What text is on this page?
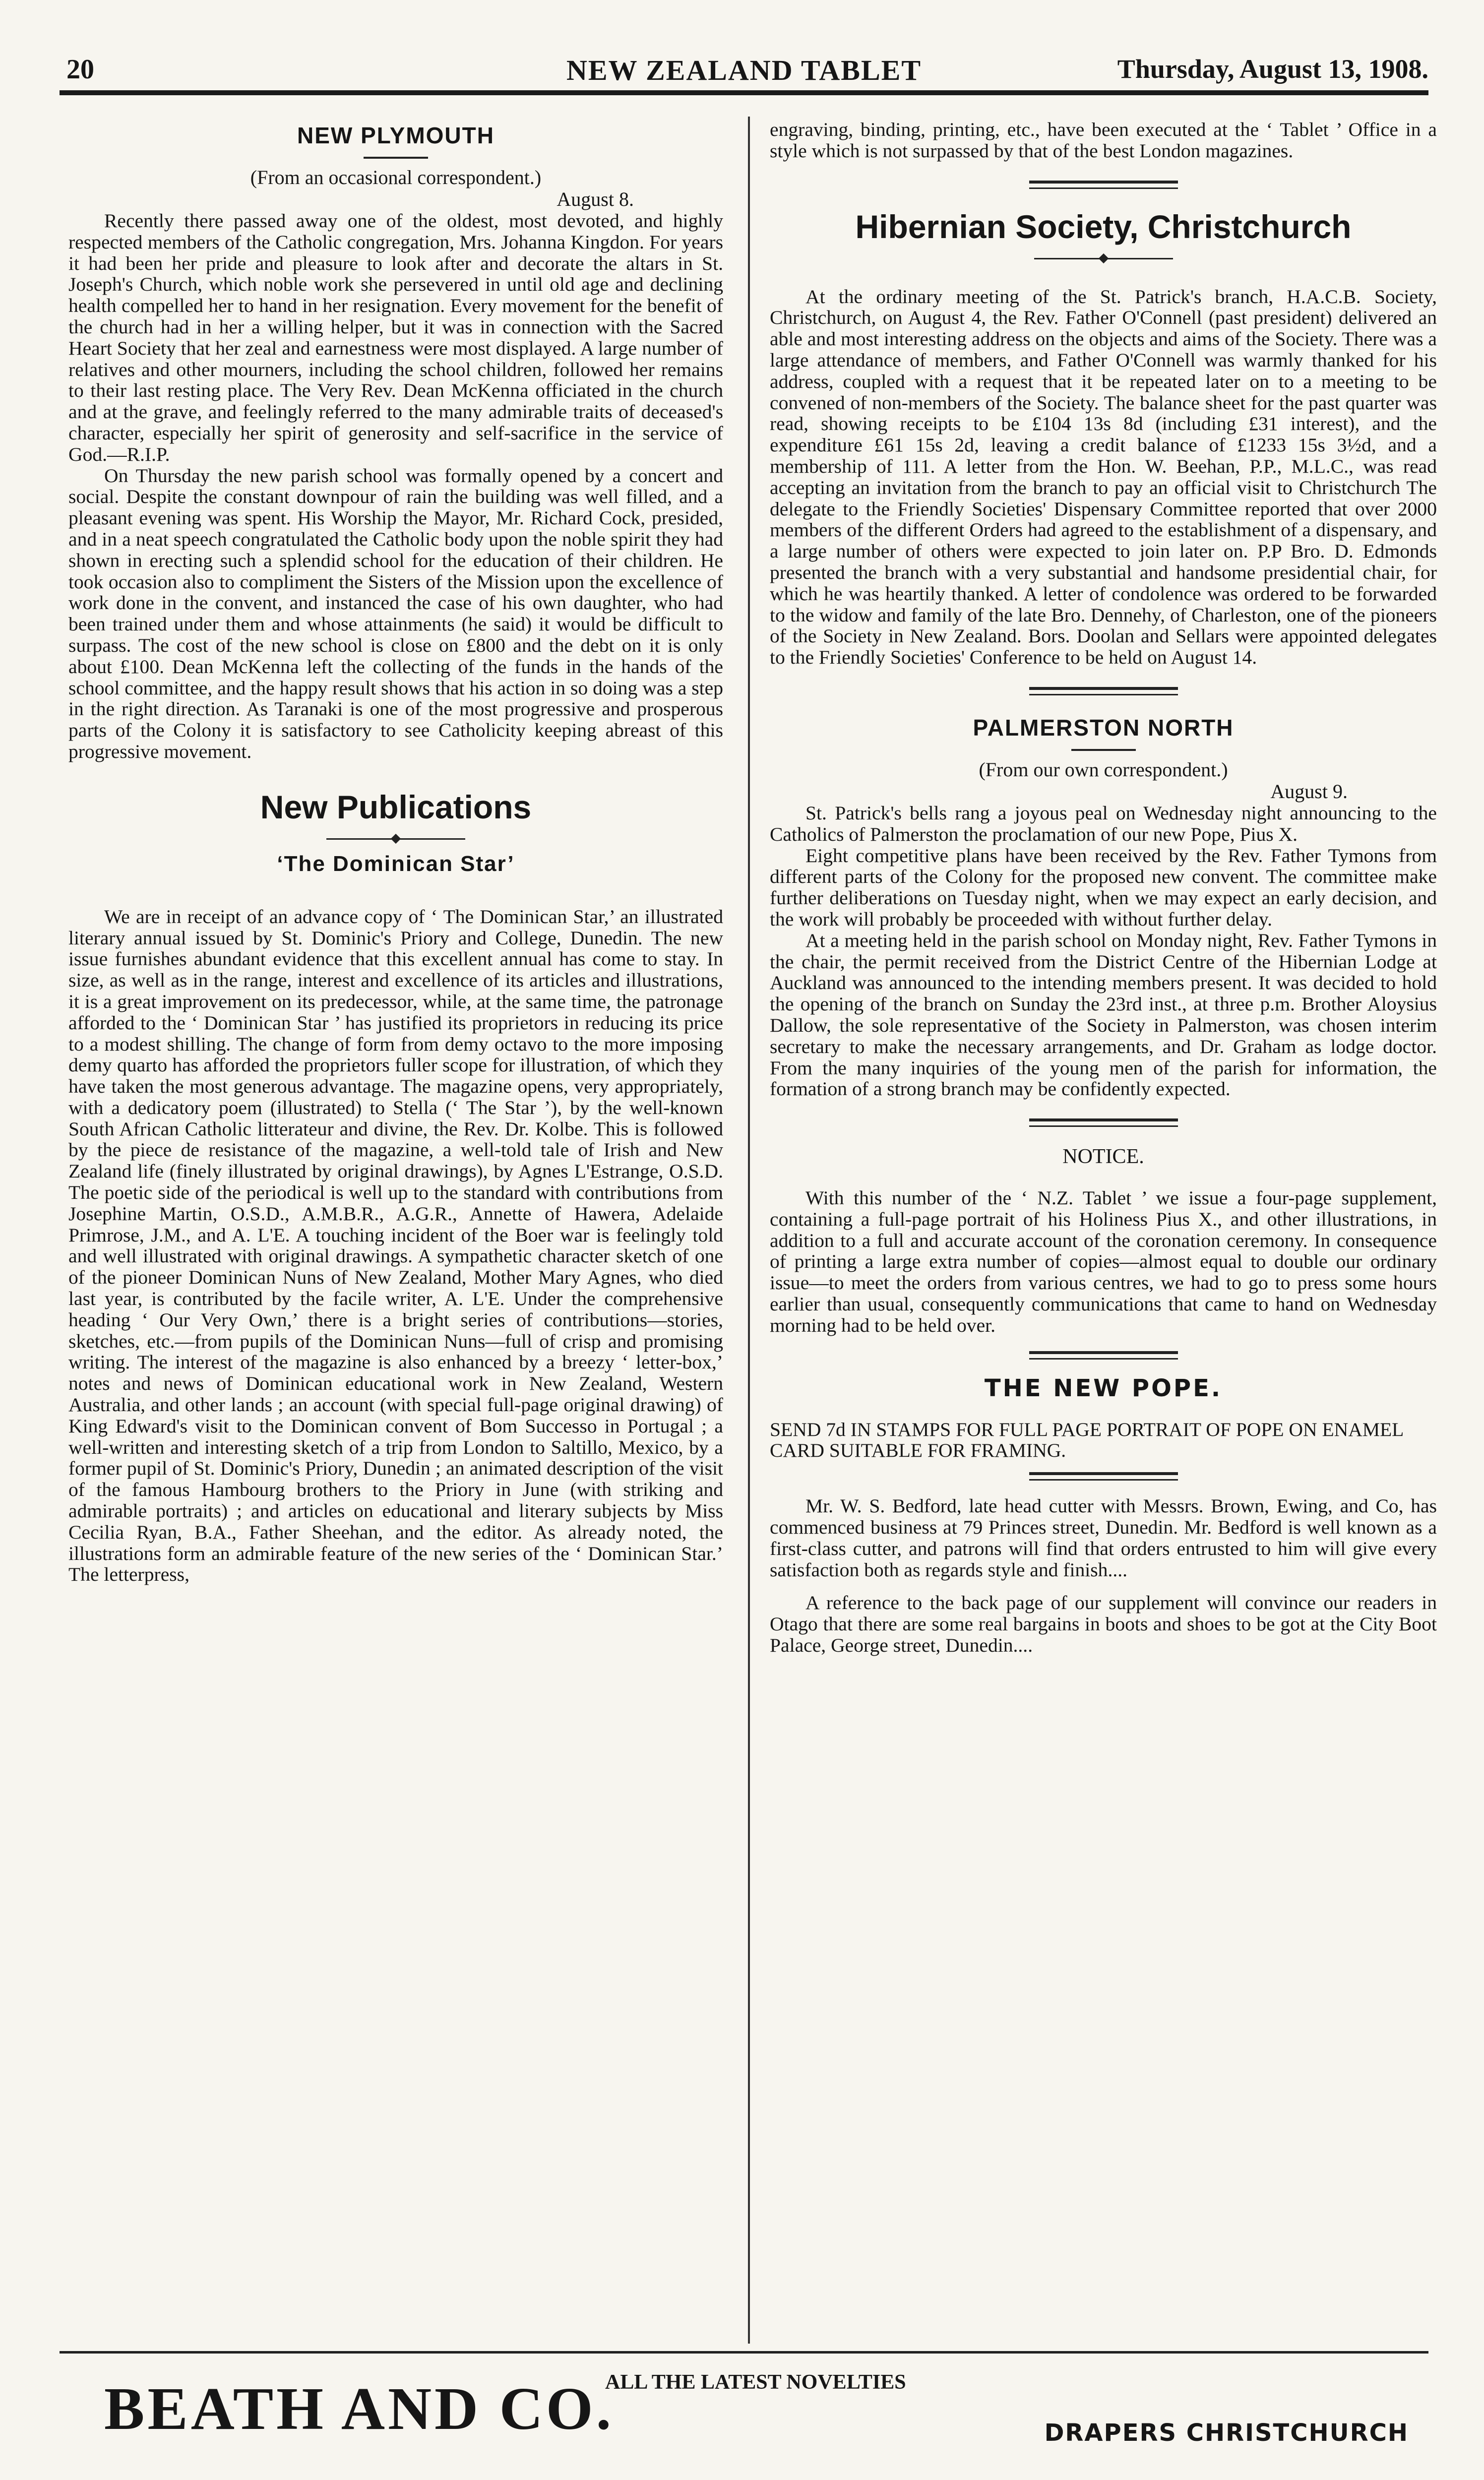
20	NEW ZEALAND TABLET	Thursday, August 13, 1908.
NEW PLYMOUTH
(From an occasional correspondent.)
August 8.

Recently there passed away one of the oldest, most devoted, and highly respected members of the Catholic congregation, Mrs. Johanna Kingdon. For years it had been her pride and pleasure to look after and decorate the altars in St. Joseph's Church, which noble work she persevered in until old age and declining health compelled her to hand in her resignation. Every movement for the benefit of the church had in her a willing helper, but it was in connection with the Sacred Heart Society that her zeal and earnestness were most displayed. A large number of relatives and other mourners, including the school children, followed her remains to their last resting place. The Very Rev. Dean McKenna officiated in the church and at the grave, and feelingly referred to the many admirable traits of deceased's character, especially her spirit of generosity and self-sacrifice in the service of God.—R.I.P.

On Thursday the new parish school was formally opened by a concert and social. Despite the constant downpour of rain the building was well filled, and a pleasant evening was spent. His Worship the Mayor, Mr. Richard Cock, presided, and in a neat speech congratulated the Catholic body upon the noble spirit they had shown in erecting such a splendid school for the education of their children. He took occasion also to compliment the Sisters of the Mission upon the excellence of work done in the convent, and instanced the case of his own daughter, who had been trained under them and whose attainments (he said) it would be difficult to surpass. The cost of the new school is close on £800 and the debt on it is only about £100. Dean McKenna left the collecting of the funds in the hands of the school committee, and the happy result shows that his action in so doing was a step in the right direction. As Taranaki is one of the most progressive and prosperous parts of the Colony it is satisfactory to see Catholicity keeping abreast of this progressive movement.

New Publications
‘The Dominican Star’

We are in receipt of an advance copy of ‘ The Dominican Star,’ an illustrated literary annual issued by St. Dominic's Priory and College, Dunedin. The new issue furnishes abundant evidence that this excellent annual has come to stay. In size, as well as in the range, interest and excellence of its articles and illustrations, it is a great improvement on its predecessor, while, at the same time, the patronage afforded to the ‘ Dominican Star ’ has justified its proprietors in reducing its price to a modest shilling. The change of form from demy octavo to the more imposing demy quarto has afforded the proprietors fuller scope for illustration, of which they have taken the most generous advantage. The magazine opens, very appropriately, with a dedicatory poem (illustrated) to Stella (‘ The Star ’), by the well-known South African Catholic litterateur and divine, the Rev. Dr. Kolbe. This is followed by the piece de resistance of the magazine, a well-told tale of Irish and New Zealand life (finely illustrated by original drawings), by Agnes L'Estrange, O.S.D. The poetic side of the periodical is well up to the standard with contributions from Josephine Martin, O.S.D., A.M.B.R., A.G.R., Annette of Hawera, Adelaide Primrose, J.M., and A. L'E. A touching incident of the Boer war is feelingly told and well illustrated with original drawings. A sympathetic character sketch of one of the pioneer Dominican Nuns of New Zealand, Mother Mary Agnes, who died last year, is contributed by the facile writer, A. L'E. Under the comprehensive heading ‘ Our Very Own,’ there is a bright series of contributions—stories, sketches, etc.—from pupils of the Dominican Nuns—full of crisp and promising writing. The interest of the magazine is also enhanced by a breezy ‘ letter-box,’ notes and news of Dominican educational work in New Zealand, Western Australia, and other lands ; an account (with special full-page original drawing) of King Edward's visit to the Dominican convent of Bom Successo in Portugal ; a well-written and interesting sketch of a trip from London to Saltillo, Mexico, by a former pupil of St. Dominic's Priory, Dunedin ; an animated description of the visit of the famous Hambourg brothers to the Priory in June (with striking and admirable portraits) ; and articles on educational and literary subjects by Miss Cecilia Ryan, B.A., Father Sheehan, and the editor. As already noted, the illustrations form an admirable feature of the new series of the ‘ Dominican Star.’ The letterpress,

engraving, binding, printing, etc., have been executed at the ‘ Tablet ’ Office in a style which is not surpassed by that of the best London magazines.

Hibernian Society, Christchurch

At the ordinary meeting of the St. Patrick's branch, H.A.C.B. Society, Christchurch, on August 4, the Rev. Father O'Connell (past president) delivered an able and most interesting address on the objects and aims of the Society. There was a large attendance of members, and Father O'Connell was warmly thanked for his address, coupled with a request that it be repeated later on to a meeting to be convened of non-members of the Society. The balance sheet for the past quarter was read, showing receipts to be £104 13s 8d (including £31 interest), and the expenditure £61 15s 2d, leaving a credit balance of £1233 15s 3½d, and a membership of 111. A letter from the Hon. W. Beehan, P.P., M.L.C., was read accepting an invitation from the branch to pay an official visit to Christchurch The delegate to the Friendly Societies' Dispensary Committee reported that over 2000 members of the different Orders had agreed to the establishment of a dispensary, and a large number of others were expected to join later on. P.P Bro. D. Edmonds presented the branch with a very substantial and handsome presidential chair, for which he was heartily thanked. A letter of condolence was ordered to be forwarded to the widow and family of the late Bro. Dennehy, of Charleston, one of the pioneers of the Society in New Zealand. Bors. Doolan and Sellars were appointed delegates to the Friendly Societies' Conference to be held on August 14.

PALMERSTON NORTH
(From our own correspondent.)
August 9.

St. Patrick's bells rang a joyous peal on Wednesday night announcing to the Catholics of Palmerston the proclamation of our new Pope, Pius X.

Eight competitive plans have been received by the Rev. Father Tymons from different parts of the Colony for the proposed new convent. The committee make further deliberations on Tuesday night, when we may expect an early decision, and the work will probably be proceeded with without further delay.

At a meeting held in the parish school on Monday night, Rev. Father Tymons in the chair, the permit received from the District Centre of the Hibernian Lodge at Auckland was announced to the intending members present. It was decided to hold the opening of the branch on Sunday the 23rd inst., at three p.m. Brother Aloysius Dallow, the sole representative of the Society in Palmerston, was chosen interim secretary to make the necessary arrangements, and Dr. Graham as lodge doctor. From the many inquiries of the young men of the parish for information, the formation of a strong branch may be confidently expected.

NOTICE.

With this number of the ‘ N.Z. Tablet ’ we issue a four-page supplement, containing a full-page portrait of his Holiness Pius X., and other illustrations, in addition to a full and accurate account of the coronation ceremony. In consequence of printing a large extra number of copies—almost equal to double our ordinary issue—to meet the orders from various centres, we had to go to press some hours earlier than usual, consequently communications that came to hand on Wednesday morning had to be held over.

THE NEW POPE.

SEND 7d IN STAMPS FOR FULL PAGE PORTRAIT OF POPE ON ENAMEL CARD SUITABLE FOR FRAMING.

Mr. W. S. Bedford, late head cutter with Messrs. Brown, Ewing, and Co, has commenced business at 79 Princes street, Dunedin. Mr. Bedford is well known as a first-class cutter, and patrons will find that orders entrusted to him will give every satisfaction both as regards style and finish....

A reference to the back page of our supplement will convince our readers in Otago that there are some real bargains in boots and shoes to be got at the City Boot Palace, George street, Dunedin....

BEATH AND CO.
ALL THE LATEST NOVELTIES
DRAPERS CHRISTCHURCH
